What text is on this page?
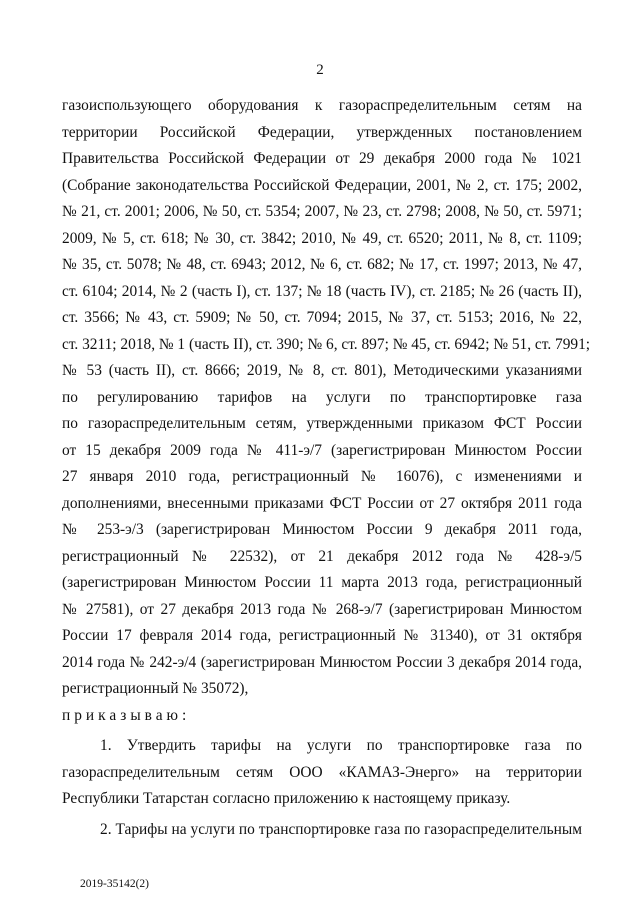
2
газоиспользующего оборудования к газораспределительным сетям на
территории Российской Федерации, утвержденных постановлением
Правительства Российской Федерации от 29 декабря 2000 года № 1021
(Собрание законодательства Российской Федерации, 2001, № 2, ст. 175; 2002,
№ 21, ст. 2001; 2006, № 50, ст. 5354; 2007, № 23, ст. 2798; 2008, № 50, ст. 5971;
2009, № 5, ст. 618; № 30, ст. 3842; 2010, № 49, ст. 6520; 2011, № 8, ст. 1109;
№ 35, ст. 5078; № 48, ст. 6943; 2012, № 6, ст. 682; № 17, ст. 1997; 2013, № 47,
ст. 6104; 2014, № 2 (часть I), ст. 137; № 18 (часть IV), ст. 2185; № 26 (часть II),
ст. 3566; № 43, ст. 5909; № 50, ст. 7094; 2015, № 37, ст. 5153; 2016, № 22,
ст. 3211; 2018, № 1 (часть II), ст. 390; № 6, ст. 897; № 45, ст. 6942; № 51, ст. 7991;
№ 53 (часть II), ст. 8666; 2019, № 8, ст. 801), Методическими указаниями
по регулированию тарифов на услуги по транспортировке газа
по газораспределительным сетям, утвержденными приказом ФСТ России
от 15 декабря 2009 года № 411-э/7 (зарегистрирован Минюстом России
27 января 2010 года, регистрационный № 16076), с изменениями и
дополнениями, внесенными приказами ФСТ России от 27 октября 2011 года
№ 253-э/3 (зарегистрирован Минюстом России 9 декабря 2011 года,
регистрационный № 22532), от 21 декабря 2012 года № 428-э/5
(зарегистрирован Минюстом России 11 марта 2013 года, регистрационный
№ 27581), от 27 декабря 2013 года № 268-э/7 (зарегистрирован Минюстом
России 17 февраля 2014 года, регистрационный № 31340), от 31 октября
2014 года № 242-э/4 (зарегистрирован Минюстом России 3 декабря 2014 года,
регистрационный № 35072),
приказываю:
1. Утвердить тарифы на услуги по транспортировке газа по
газораспределительным сетям ООО «КАМАЗ-Энерго» на территории
Республики Татарстан согласно приложению к настоящему приказу.
2. Тарифы на услуги по транспортировке газа по газораспределительным
2019-35142(2)
